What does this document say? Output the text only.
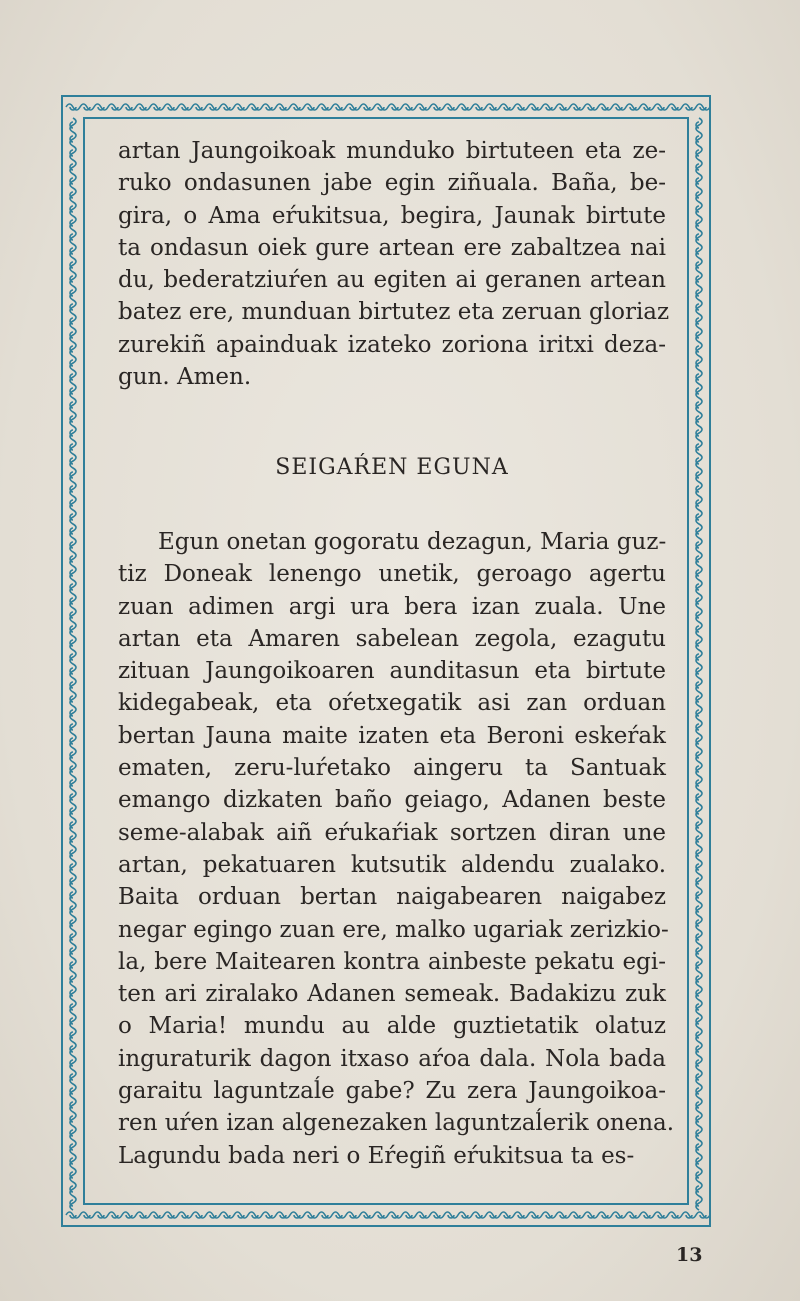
artan Jaungoikoak munduko birtuteen eta ze-
ruko ondasunen jabe egin ziñuala. Baña, be-
gira, o Ama eŕukitsua, begira, Jaunak birtute
ta ondasun oiek gure artean ere zabaltzea nai
du, bederatziuŕen au egiten ai geranen artean
batez ere, munduan birtutez eta zeruan gloriaz
zurekiñ apainduak izateko zoriona iritxi deza-
gun. Amen.
SEIGAŔEN EGUNA
Egun onetan gogoratu dezagun, Maria guz-
tiz Doneak lenengo unetik, geroago agertu
zuan adimen argi ura bera izan zuala. Une
artan eta Amaren sabelean zegola, ezagutu
zituan Jaungoikoaren aunditasun eta birtute
kidegabeak, eta oŕetxegatik asi zan orduan
bertan Jauna maite izaten eta Beroni eskeŕak
ematen, zeru-luŕetako aingeru ta Santuak
emango dizkaten baño geiago, Adanen beste
seme-alabak aiñ eŕukaŕiak sortzen diran une
artan, pekatuaren kutsutik aldendu zualako.
Baita orduan bertan naigabearen naigabez
negar egingo zuan ere, malko ugariak zerizkio-
la, bere Maitearen kontra ainbeste pekatu egi-
ten ari ziralako Adanen semeak. Badakizu zuk
o Maria! mundu au alde guztietatik olatuz
inguraturik dagon itxaso aŕoa dala. Nola bada
garaitu laguntzaĺe gabe? Zu zera Jaungoikoa-
ren uŕen izan algenezaken laguntzaĺerik onena.
Lagundu bada neri o Eŕegiñ eŕukitsua ta es-
13
